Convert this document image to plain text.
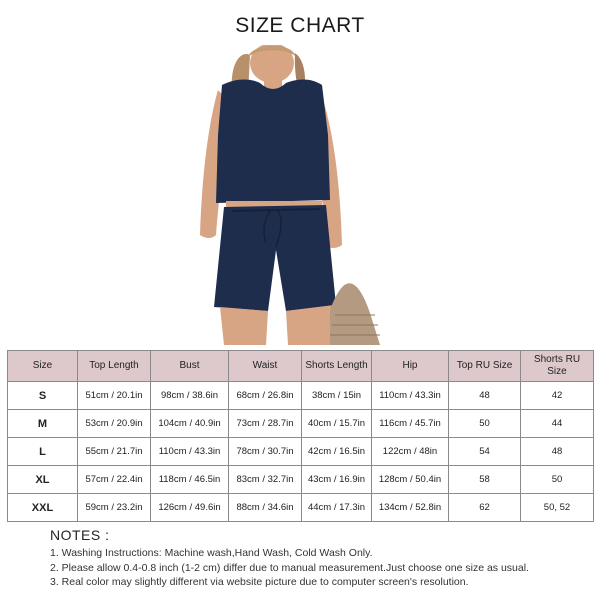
SIZE CHART
Size	Top Length	Bust	Waist	Shorts Length	Hip	Top RU Size	Shorts RU Size
S	51cm / 20.1in	98cm / 38.6in	68cm / 26.8in	38cm / 15in	110cm / 43.3in	48	42
M	53cm / 20.9in	104cm / 40.9in	73cm / 28.7in	40cm / 15.7in	116cm / 45.7in	50	44
L	55cm / 21.7in	110cm / 43.3in	78cm / 30.7in	42cm / 16.5in	122cm / 48in	54	48
XL	57cm / 22.4in	118cm / 46.5in	83cm / 32.7in	43cm / 16.9in	128cm / 50.4in	58	50
XXL	59cm / 23.2in	126cm / 49.6in	88cm / 34.6in	44cm / 17.3in	134cm / 52.8in	62	50, 52
NOTES :
1. Washing Instructions: Machine wash,Hand Wash, Cold Wash Only.
2. Please allow 0.4-0.8 inch (1-2 cm) differ due to manual measurement.Just choose one size as usual.
3. Real color may slightly different via website picture due to computer screen's resolution.
